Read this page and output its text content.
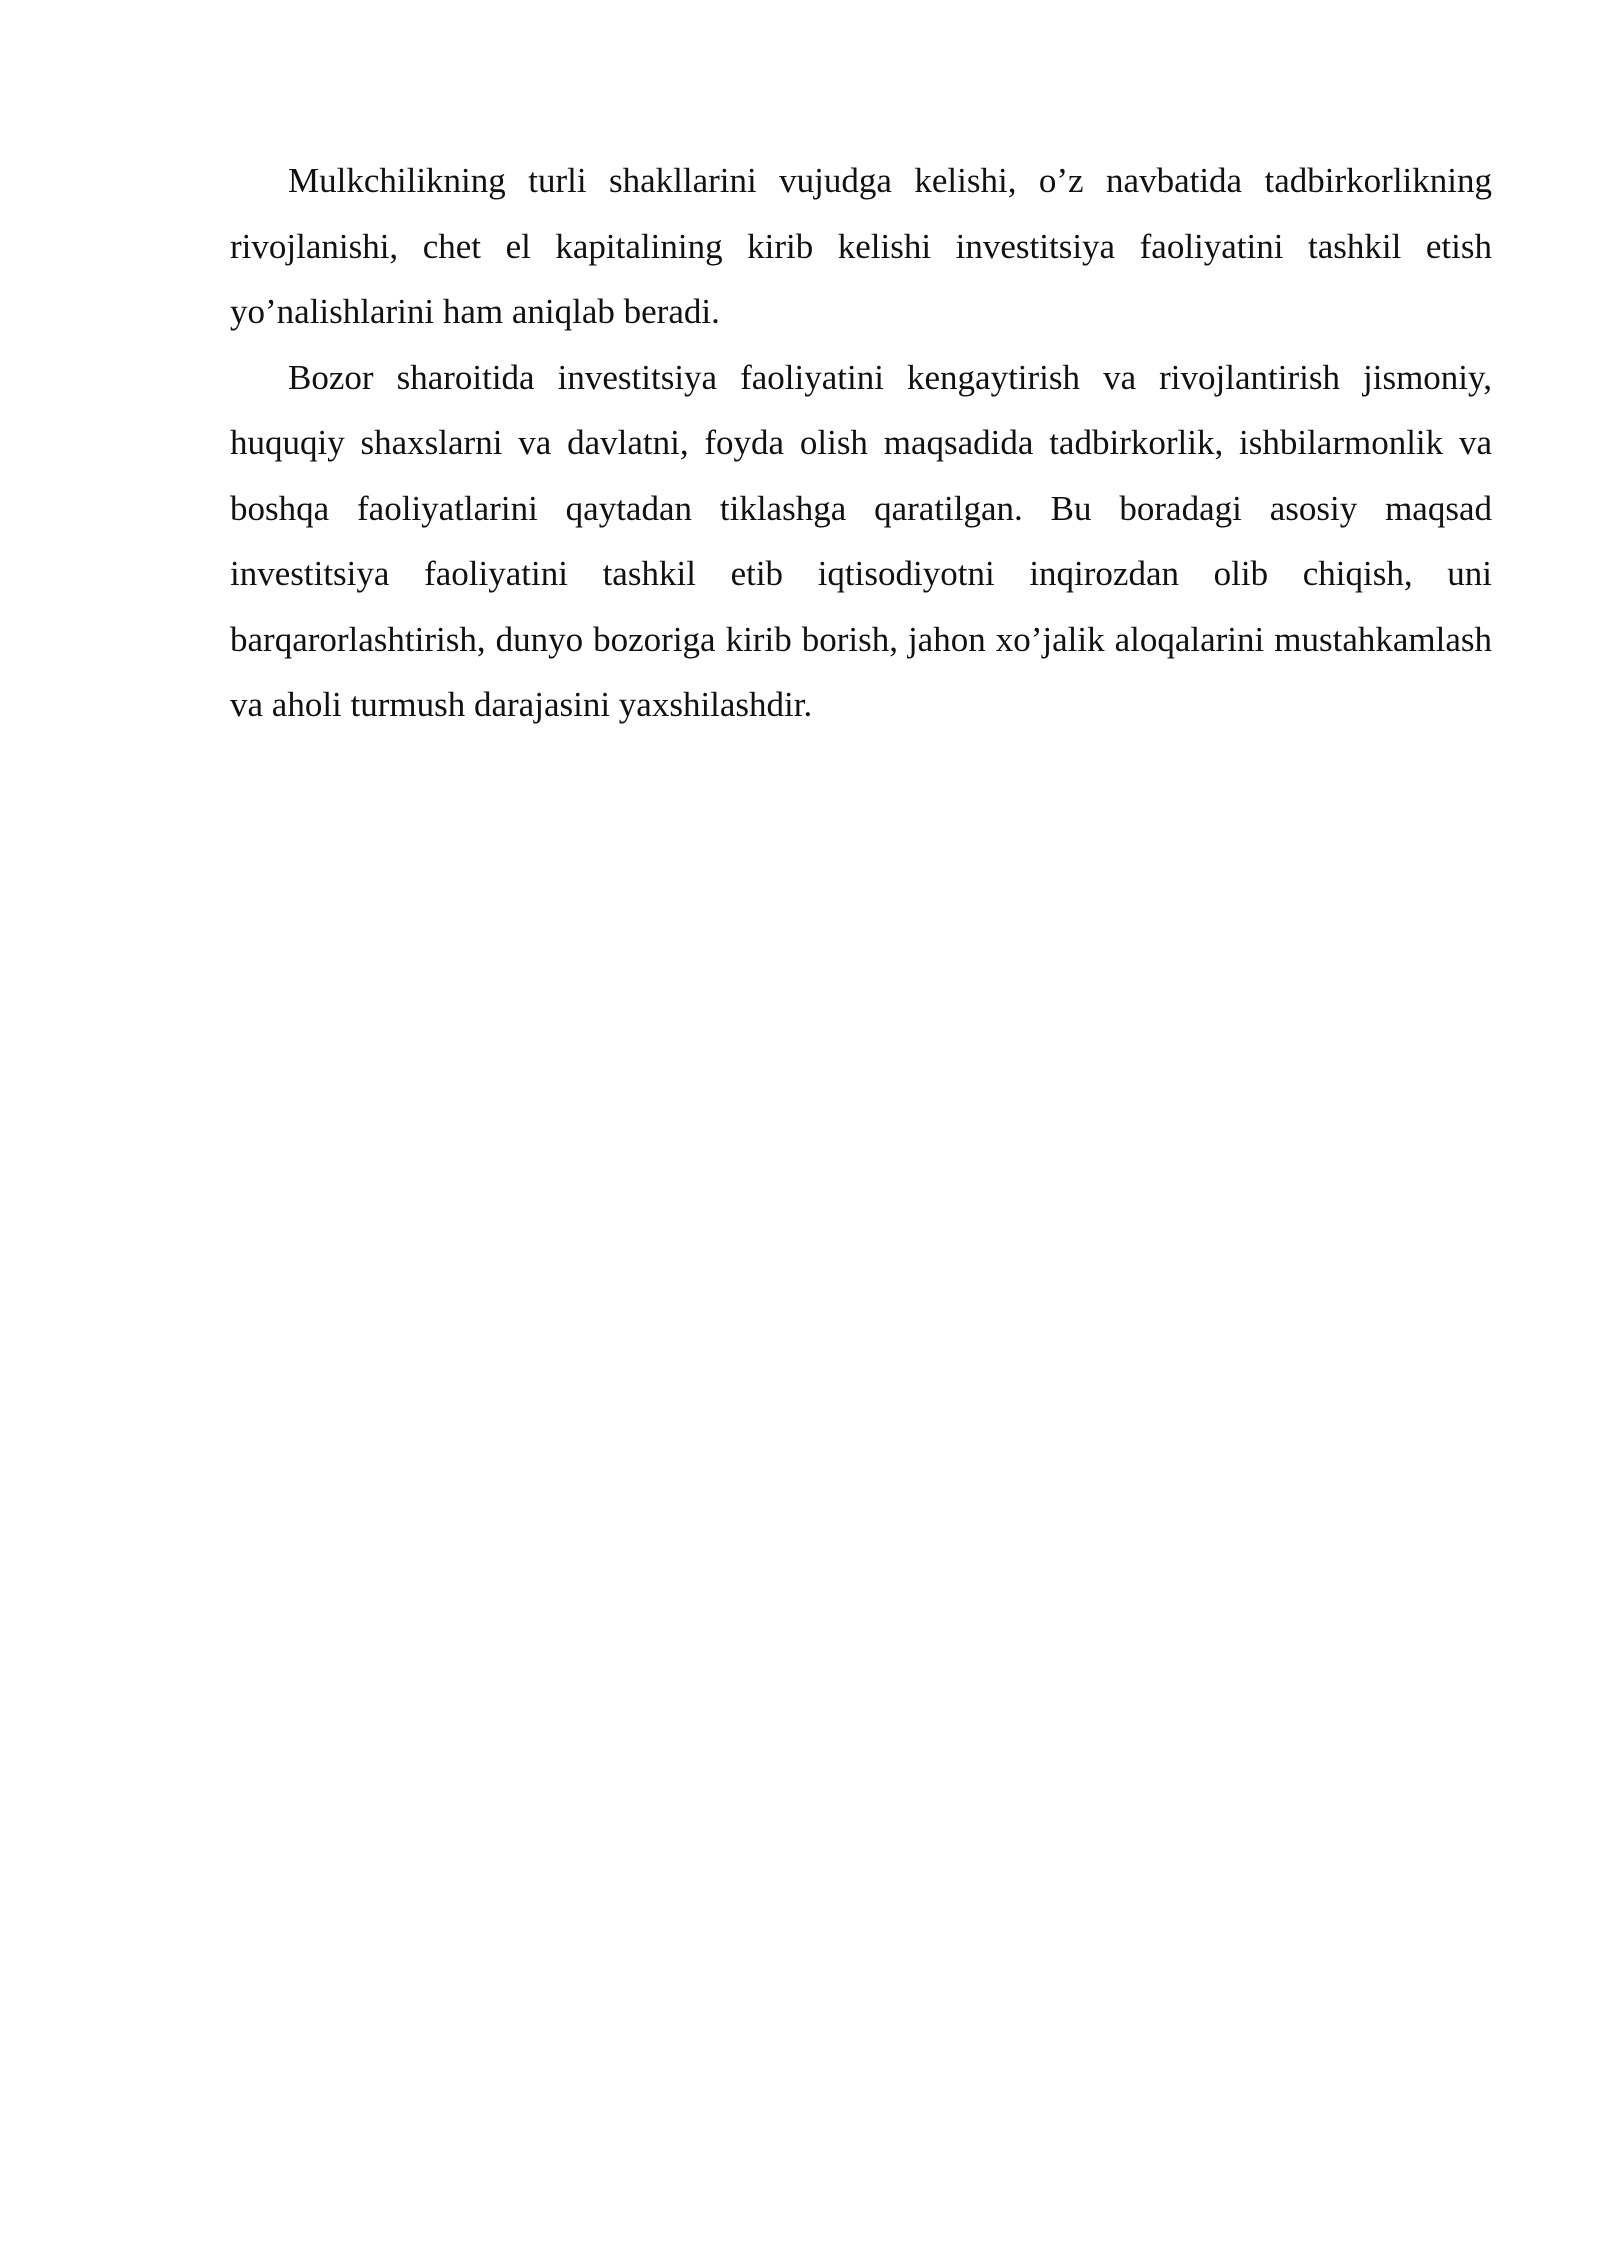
Mulkchilikning turli shakllarini vujudga kelishi, o’z navbatida tadbirkorlikning rivojlanishi, chet el kapitalining kirib kelishi investitsiya faoliyatini tashkil etish yo’nalishlarini ham aniqlab beradi.

Bozor sharoitida investitsiya faoliyatini kengaytirish va rivojlantirish jismoniy, huquqiy shaxslarni va davlatni, foyda olish maqsadida tadbirkorlik, ishbilarmonlik va boshqa faoliyatlarini qaytadan tiklashga qaratilgan. Bu boradagi asosiy maqsad investitsiya faoliyatini tashkil etib iqtisodiyotni inqirozdan olib chiqish, uni barqarorlashtirish, dunyo bozoriga kirib borish, jahon xo’jalik aloqalarini mustahkamlash va aholi turmush darajasini yaxshilashdir.
